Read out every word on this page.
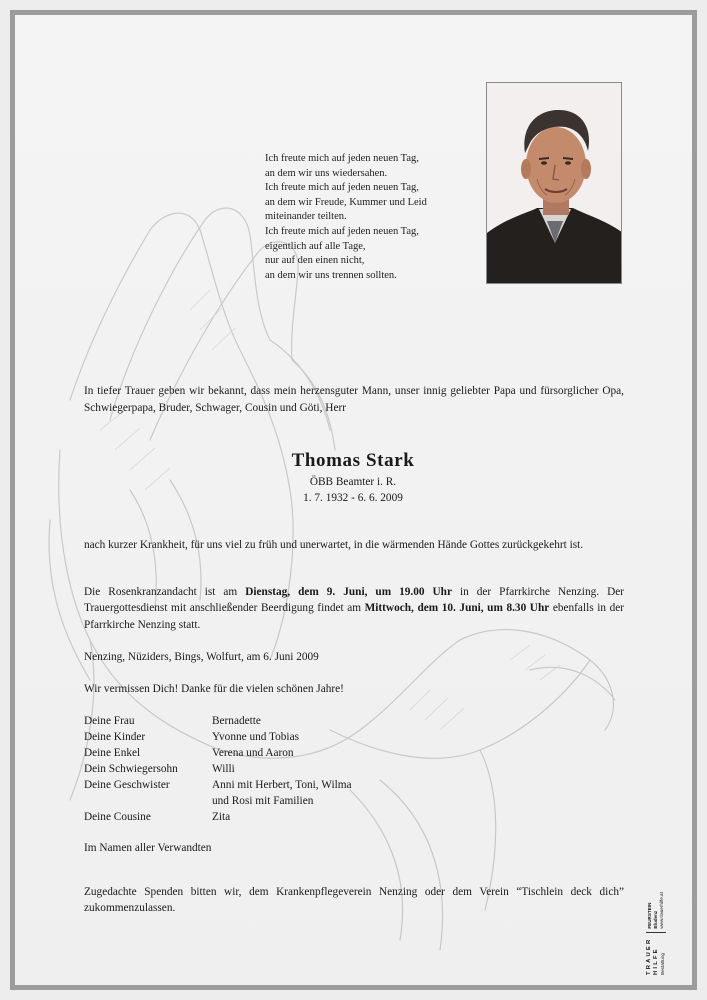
Ich freute mich auf jeden neuen Tag,
an dem wir uns wiedersahen.
Ich freute mich auf jeden neuen Tag,
an dem wir Freude, Kummer und Leid
miteinander teilten.
Ich freute mich auf jeden neuen Tag,
eigentlich auf alle Tage,
nur auf den einen nicht,
an dem wir uns trennen sollten.
In tiefer Trauer geben wir bekannt, dass mein herzensguter Mann, unser innig geliebter Papa und fürsorglicher Opa, Schwiegerpapa, Bruder, Schwager, Cousin und Göti, Herr
Thomas Stark
ÖBB Beamter i. R.
1. 7. 1932 - 6. 6. 2009
nach kurzer Krankheit, für uns viel zu früh und unerwartet, in die wärmenden Hände Gottes zurückgekehrt ist.
Die Rosenkranzandacht ist am Dienstag, dem 9. Juni, um 19.00 Uhr in der Pfarrkirche Nenzing. Der Trauergottesdienst mit anschließender Beerdigung findet am Mittwoch, dem 10. Juni, um 8.30 Uhr ebenfalls in der Pfarrkirche Nenzing statt.
Nenzing, Nüziders, Bings, Wolfurt, am 6. Juni 2009
Wir vermissen Dich! Danke für die vielen schönen Jahre!
Deine Frau	Bernadette
Deine Kinder	Yvonne und Tobias
Deine Enkel	Verena und Aaron
Dein Schwiegersohn	Willi
Deine Geschwister	Anni mit Herbert, Toni, Wilma
und Rosi mit Familien
Deine Cousine	Zita
Im Namen aller Verwandten
Zugedachte Spenden bitten wir, dem Krankenpflegeverein Nenzing oder dem Verein “Tischlein deck dich” zukommenzulassen.
TRAUER HILFE Bestattung
FEURSTEIN Bludenz www.trauerhilfe.at
